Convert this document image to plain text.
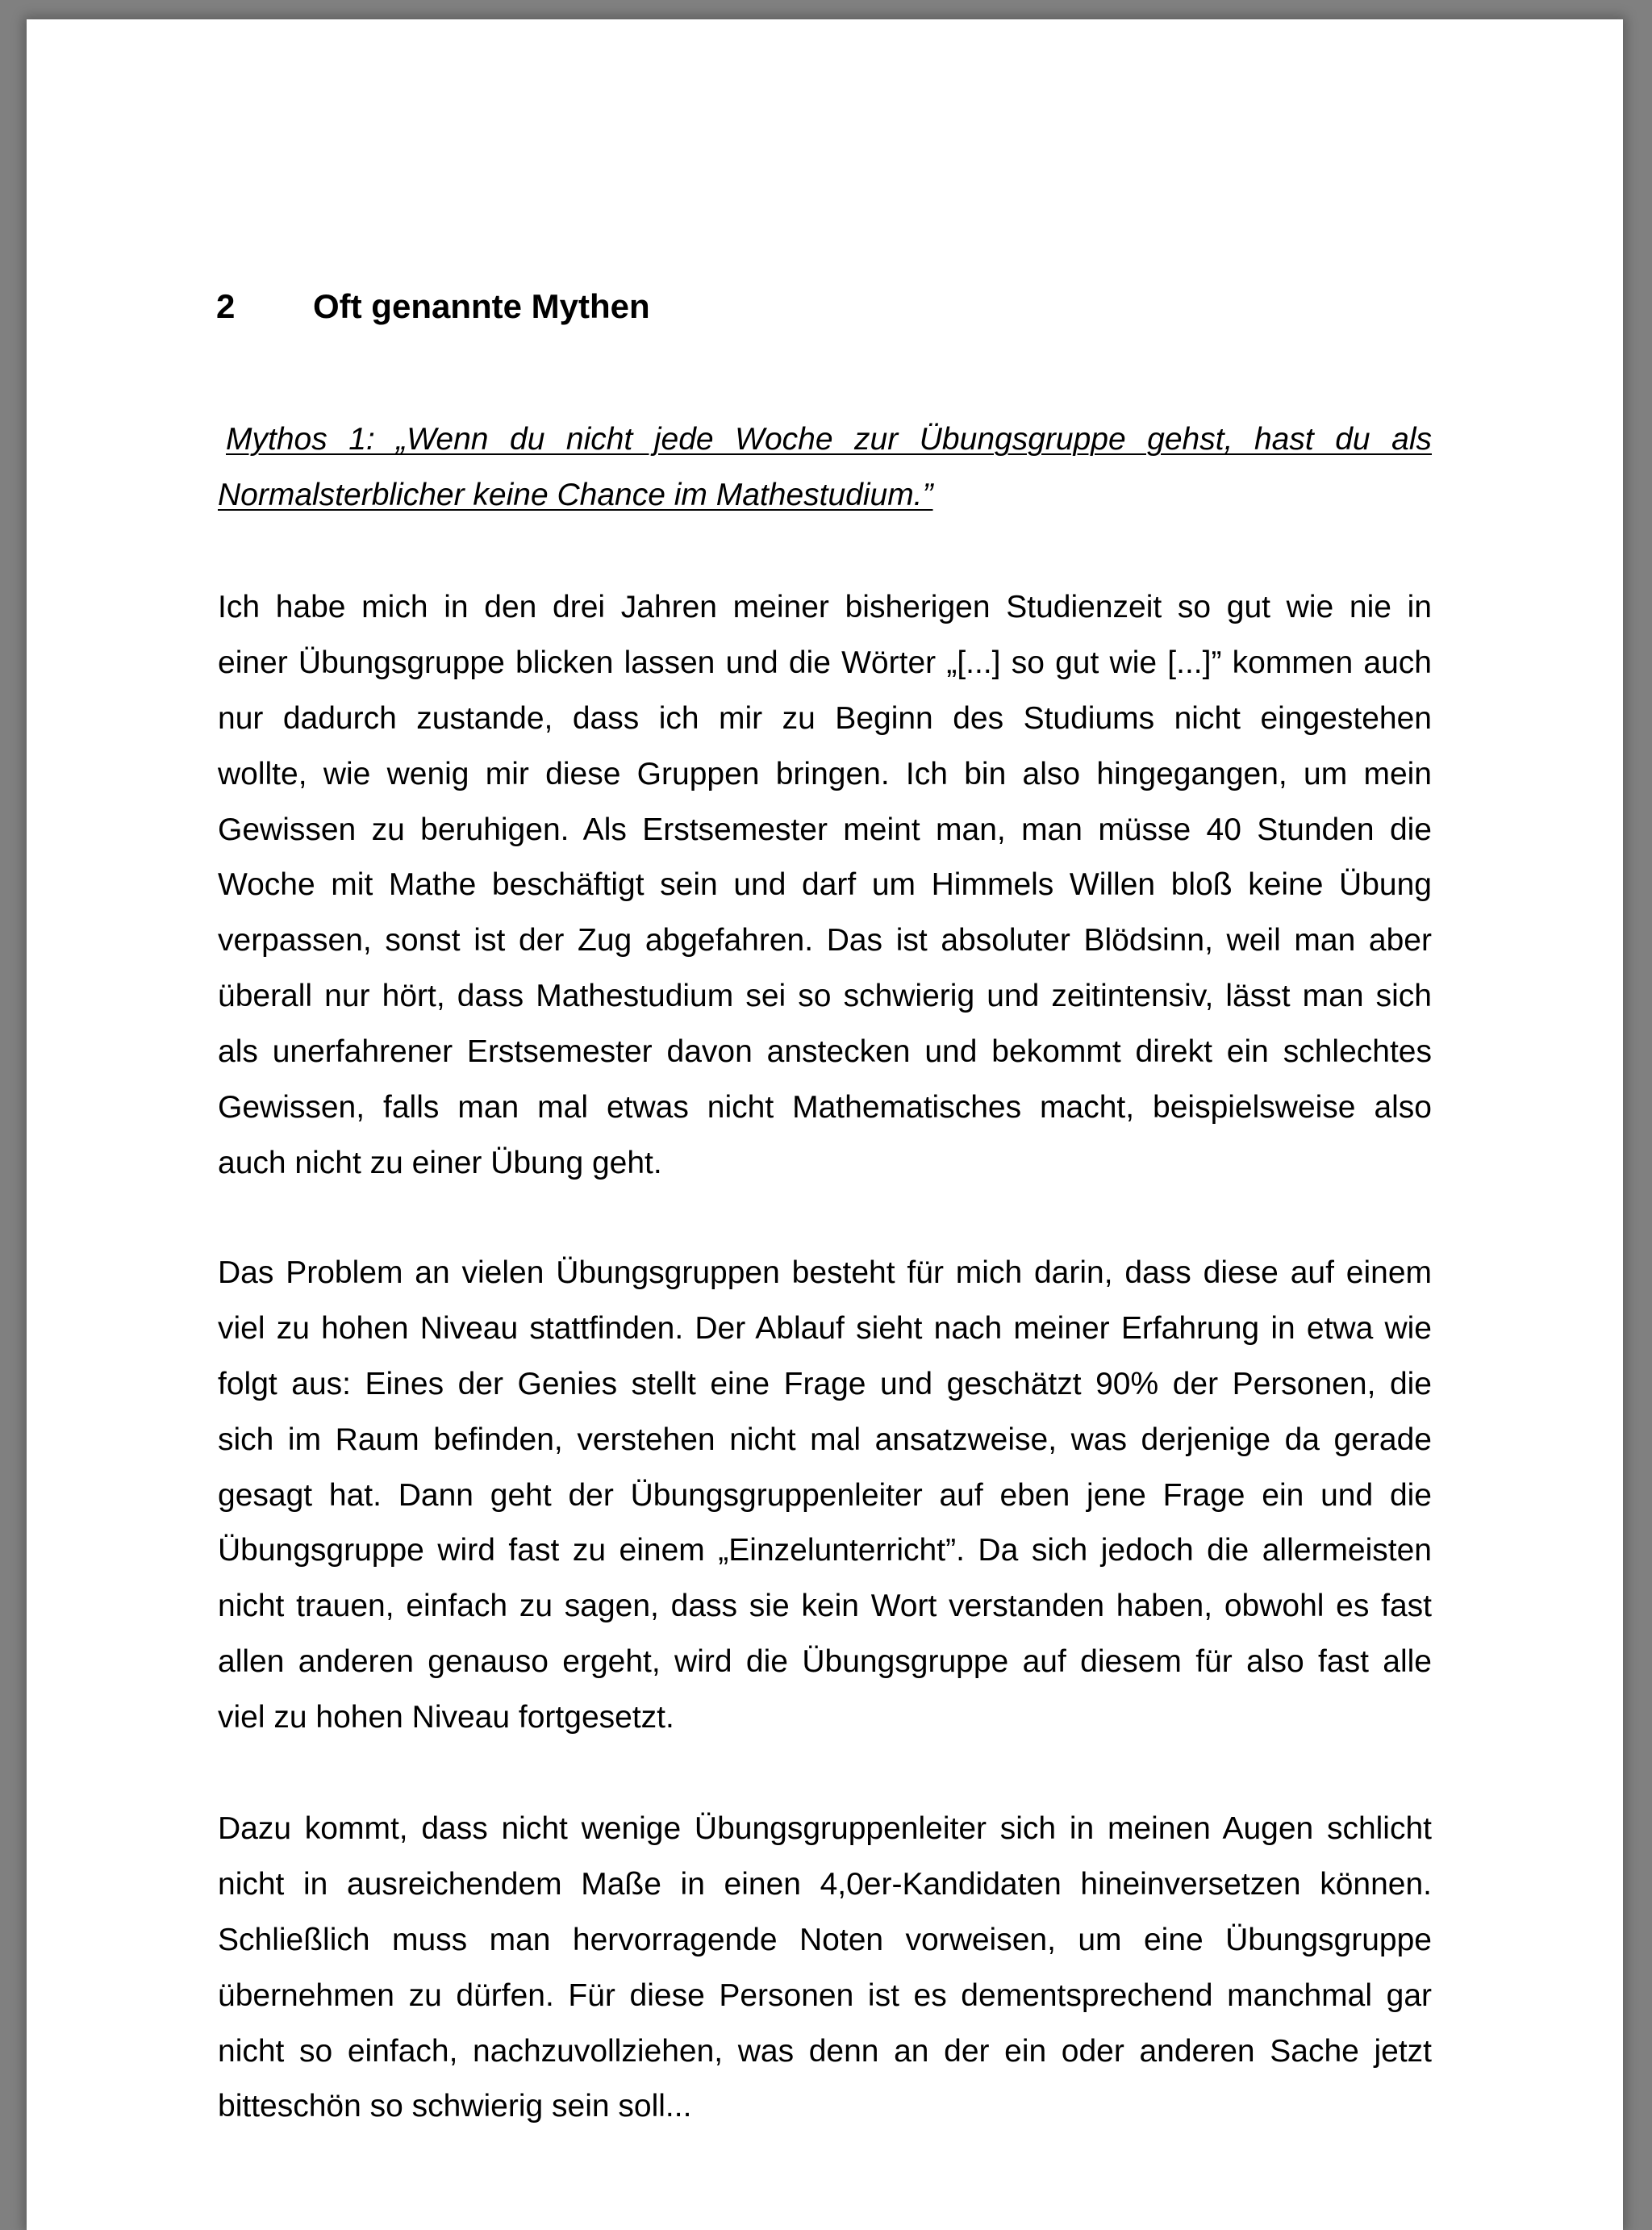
2 Oft genannte Mythen
Mythos 1: „Wenn du nicht jede Woche zur Übungsgruppe gehst, hast du als
Normalsterblicher keine Chance im Mathestudium.”
Ich habe mich in den drei Jahren meiner bisherigen Studienzeit so gut wie nie in
einer Übungsgruppe blicken lassen und die Wörter „[...] so gut wie [...]” kommen auch
nur dadurch zustande, dass ich mir zu Beginn des Studiums nicht eingestehen
wollte, wie wenig mir diese Gruppen bringen. Ich bin also hingegangen, um mein
Gewissen zu beruhigen. Als Erstsemester meint man, man müsse 40 Stunden die
Woche mit Mathe beschäftigt sein und darf um Himmels Willen bloß keine Übung
verpassen, sonst ist der Zug abgefahren. Das ist absoluter Blödsinn, weil man aber
überall nur hört, dass Mathestudium sei so schwierig und zeitintensiv, lässt man sich
als unerfahrener Erstsemester davon anstecken und bekommt direkt ein schlechtes
Gewissen, falls man mal etwas nicht Mathematisches macht, beispielsweise also
auch nicht zu einer Übung geht.
Das Problem an vielen Übungsgruppen besteht für mich darin, dass diese auf einem
viel zu hohen Niveau stattfinden. Der Ablauf sieht nach meiner Erfahrung in etwa wie
folgt aus: Eines der Genies stellt eine Frage und geschätzt 90% der Personen, die
sich im Raum befinden, verstehen nicht mal ansatzweise, was derjenige da gerade
gesagt hat. Dann geht der Übungsgruppenleiter auf eben jene Frage ein und die
Übungsgruppe wird fast zu einem „Einzelunterricht”. Da sich jedoch die allermeisten
nicht trauen, einfach zu sagen, dass sie kein Wort verstanden haben, obwohl es fast
allen anderen genauso ergeht, wird die Übungsgruppe auf diesem für also fast alle
viel zu hohen Niveau fortgesetzt.
Dazu kommt, dass nicht wenige Übungsgruppenleiter sich in meinen Augen schlicht
nicht in ausreichendem Maße in einen 4,0er-Kandidaten hineinversetzen können.
Schließlich muss man hervorragende Noten vorweisen, um eine Übungsgruppe
übernehmen zu dürfen. Für diese Personen ist es dementsprechend manchmal gar
nicht so einfach, nachzuvollziehen, was denn an der ein oder anderen Sache jetzt
bitteschön so schwierig sein soll...
